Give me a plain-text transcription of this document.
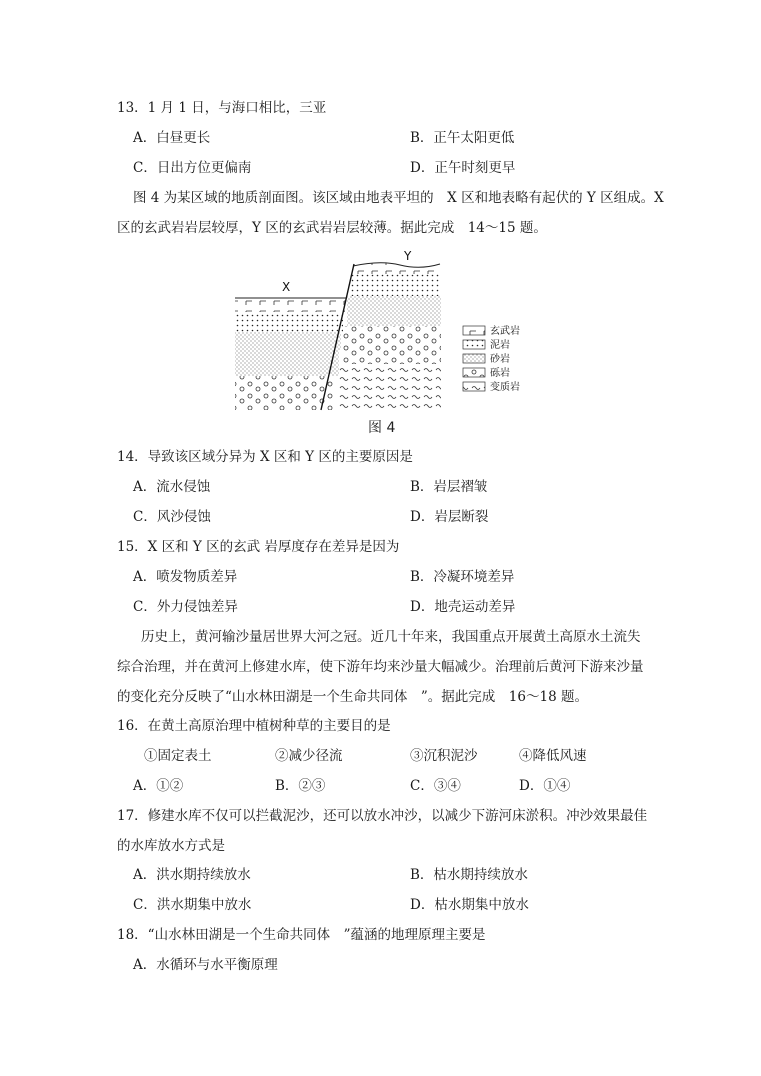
13．1 月 1 日，与海口相比，三亚
A．白昼更长	B．正午太阳更低
C．日出方位更偏南	D．正午时刻更早
图 4 为某区域的地质剖面图。该区域由地表平坦的　X 区和地表略有起伏的 Y 区组成。X
区的玄武岩岩层较厚，Y 区的玄武岩岩层较薄。据此完成　14～15 题。
X
Y
玄武岩
泥岩
砂岩
砾岩
变质岩
图 4
14．导致该区域分异为 X 区和 Y 区的主要原因是
A．流水侵蚀	B．岩层褶皱
C．风沙侵蚀	D．岩层断裂
15．X 区和 Y 区的玄武 岩厚度存在差异是因为
A．喷发物质差异	B．冷凝环境差异
C．外力侵蚀差异	D．地壳运动差异
历史上，黄河输沙量居世界大河之冠。近几十年来，我国重点开展黄土高原水土流失
综合治理，并在黄河上修建水库，使下游年均来沙量大幅减少。治理前后黄河下游来沙量
的变化充分反映了“山水林田湖是一个生命共同体　”。据此完成　16～18 题。
16．在黄土高原治理中植树种草的主要目的是
①固定表土	②减少径流	③沉积泥沙	④降低风速
A．①②	B．②③	C．③④	D．①④
17．修建水库不仅可以拦截泥沙，还可以放水冲沙，以减少下游河床淤积。冲沙效果最佳
的水库放水方式是
A．洪水期持续放水	B．枯水期持续放水
C．洪水期集中放水	D．枯水期集中放水
18．“山水林田湖是一个生命共同体　”蕴涵的地理原理主要是
A．水循环与水平衡原理
